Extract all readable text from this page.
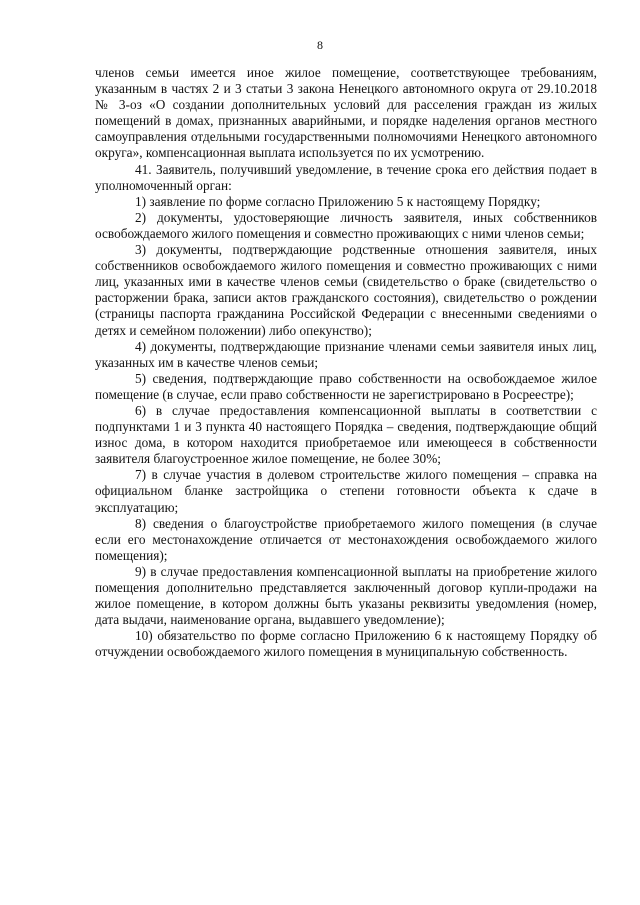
8

членов семьи имеется иное жилое помещение, соответствующее требованиям, указанным в частях 2 и 3 статьи 3 закона Ненецкого автономного округа от 29.10.2018 № 3-оз «О создании дополнительных условий для расселения граждан из жилых помещений в домах, признанных аварийными, и порядке наделения органов местного самоуправления отдельными государственными полномочиями Ненецкого автономного округа», компенсационная выплата используется по их усмотрению.

41. Заявитель, получивший уведомление, в течение срока его действия подает в уполномоченный орган:

1) заявление по форме согласно Приложению 5 к настоящему Порядку;

2) документы, удостоверяющие личность заявителя, иных собственников освобождаемого жилого помещения и совместно проживающих с ними членов семьи;

3) документы, подтверждающие родственные отношения заявителя, иных собственников освобождаемого жилого помещения и совместно проживающих с ними лиц, указанных ими в качестве членов семьи (свидетельство о браке (свидетельство о расторжении брака, записи актов гражданского состояния), свидетельство о рождении (страницы паспорта гражданина Российской Федерации с внесенными сведениями о детях и семейном положении) либо опекунство);

4) документы, подтверждающие признание членами семьи заявителя иных лиц, указанных им в качестве членов семьи;

5) сведения, подтверждающие право собственности на освобождаемое жилое помещение (в случае, если право собственности не зарегистрировано в Росреестре);

6) в случае предоставления компенсационной выплаты в соответствии с подпунктами 1 и 3 пункта 40 настоящего Порядка – сведения, подтверждающие общий износ дома, в котором находится приобретаемое или имеющееся в собственности заявителя благоустроенное жилое помещение, не более 30%;

7) в случае участия в долевом строительстве жилого помещения – справка на официальном бланке застройщика о степени готовности объекта к сдаче в эксплуатацию;

8) сведения о благоустройстве приобретаемого жилого помещения (в случае если его местонахождение отличается от местонахождения освобождаемого жилого помещения);

9) в случае предоставления компенсационной выплаты на приобретение жилого помещения дополнительно представляется заключенный договор купли-продажи на жилое помещение, в котором должны быть указаны реквизиты уведомления (номер, дата выдачи, наименование органа, выдавшего уведомление);

10) обязательство по форме согласно Приложению 6 к настоящему Порядку об отчуждении освобождаемого жилого помещения в муниципальную собственность.
